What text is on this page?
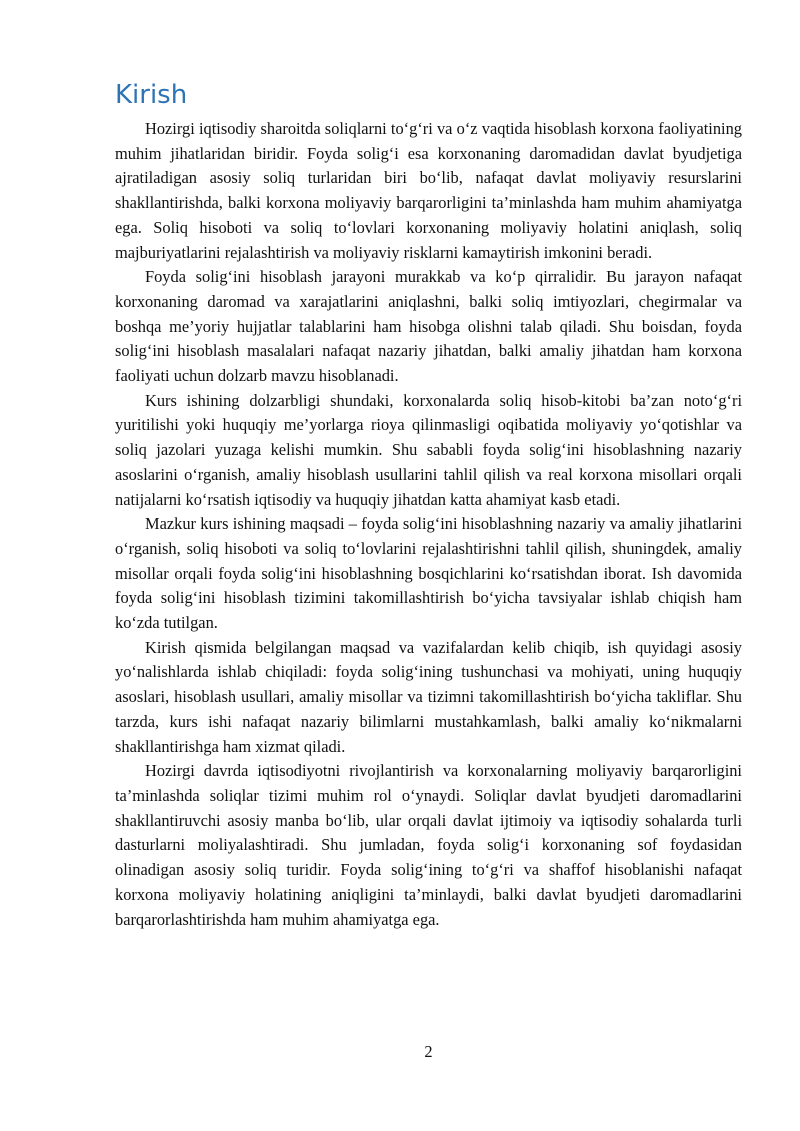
Kirish

Hozirgi iqtisodiy sharoitda soliqlarni to‘g‘ri va o‘z vaqtida hisoblash korxona faoliyatining muhim jihatlaridan biridir. Foyda solig‘i esa korxonaning daromadidan davlat byudjetiga ajratiladigan asosiy soliq turlaridan biri bo‘lib, nafaqat davlat moliyaviy resurslarini shakllantirishda, balki korxona moliyaviy barqarorligini ta’minlashda ham muhim ahamiyatga ega. Soliq hisoboti va soliq to‘lovlari korxonaning moliyaviy holatini aniqlash, soliq majburiyatlarini rejalashtirish va moliyaviy risklarni kamaytirish imkonini beradi.

Foyda solig‘ini hisoblash jarayoni murakkab va ko‘p qirralidir. Bu jarayon nafaqat korxonaning daromad va xarajatlarini aniqlashni, balki soliq imtiyozlari, chegirmalar va boshqa me’yoriy hujjatlar talablarini ham hisobga olishni talab qiladi. Shu boisdan, foyda solig‘ini hisoblash masalalari nafaqat nazariy jihatdan, balki amaliy jihatdan ham korxona faoliyati uchun dolzarb mavzu hisoblanadi.

Kurs ishining dolzarbligi shundaki, korxonalarda soliq hisob-kitobi ba’zan noto‘g‘ri yuritilishi yoki huquqiy me’yorlarga rioya qilinmasligi oqibatida moliyaviy yo‘qotishlar va soliq jazolari yuzaga kelishi mumkin. Shu sababli foyda solig‘ini hisoblashning nazariy asoslarini o‘rganish, amaliy hisoblash usullarini tahlil qilish va real korxona misollari orqali natijalarni ko‘rsatish iqtisodiy va huquqiy jihatdan katta ahamiyat kasb etadi.

Mazkur kurs ishining maqsadi – foyda solig‘ini hisoblashning nazariy va amaliy jihatlarini o‘rganish, soliq hisoboti va soliq to‘lovlarini rejalashtirishni tahlil qilish, shuningdek, amaliy misollar orqali foyda solig‘ini hisoblashning bosqichlarini ko‘rsatishdan iborat. Ish davomida foyda solig‘ini hisoblash tizimini takomillashtirish bo‘yicha tavsiyalar ishlab chiqish ham ko‘zda tutilgan.

Kirish qismida belgilangan maqsad va vazifalardan kelib chiqib, ish quyidagi asosiy yo‘nalishlarda ishlab chiqiladi: foyda solig‘ining tushunchasi va mohiyati, uning huquqiy asoslari, hisoblash usullari, amaliy misollar va tizimni takomillashtirish bo‘yicha takliflar. Shu tarzda, kurs ishi nafaqat nazariy bilimlarni mustahkamlash, balki amaliy ko‘nikmalarni shakllantirishga ham xizmat qiladi.

Hozirgi davrda iqtisodiyotni rivojlantirish va korxonalarning moliyaviy barqarorligini ta’minlashda soliqlar tizimi muhim rol o‘ynaydi. Soliqlar davlat byudjeti daromadlarini shakllantiruvchi asosiy manba bo‘lib, ular orqali davlat ijtimoiy va iqtisodiy sohalarda turli dasturlarni moliyalashtiradi. Shu jumladan, foyda solig‘i korxonaning sof foydasidan olinadigan asosiy soliq turidir. Foyda solig‘ining to‘g‘ri va shaffof hisoblanishi nafaqat korxona moliyaviy holatining aniqligini ta’minlaydi, balki davlat byudjeti daromadlarini barqarorlashtirishda ham muhim ahamiyatga ega.

2
